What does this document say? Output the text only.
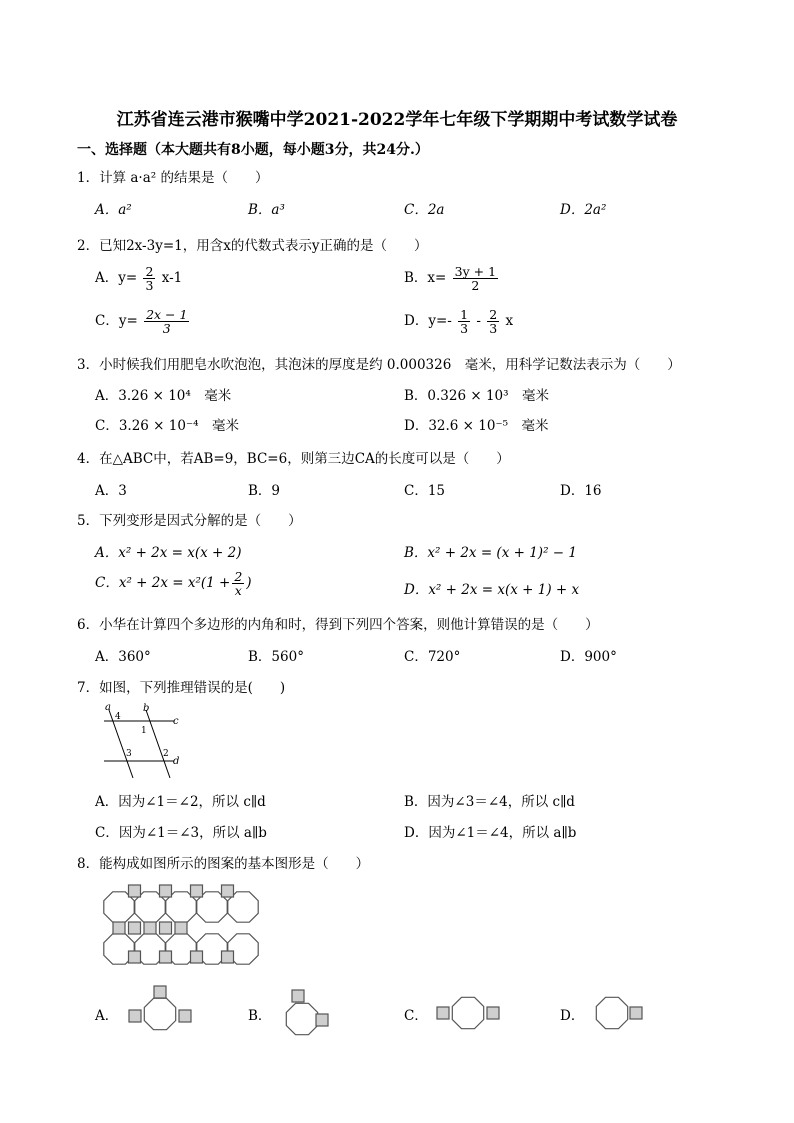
江苏省连云港市猴嘴中学2021-2022学年七年级下学期期中考试数学试卷
一、选择题（本大题共有8小题，每小题3分，共24分.）
1．计算 a·a² 的结果是（　　）
A．a²	B．a³	C．2a	D．2a²
2．已知2x-3y=1，用含x的代数式表示y正确的是（　　）
A．$y= \frac{2}{3} x-1$	B．$x= \frac{3y + 1}{2}$
C．$y= \frac{2x - 1}{3}$	D．$y=- \frac{1}{3} - \frac{2}{3}$ x
3．小时候我们用肥皂水吹泡泡，其泡沫的厚度是约 0.000326　毫米，用科学记数法表示为（　　）
A．3.26 × 10⁴　毫米	B．0.326 × 10³　毫米
C．3.26 × 10⁻⁴　毫米	D．32.6 × 10⁻⁵　毫米
4．在△ABC中，若AB=9，BC=6，则第三边CA的长度可以是（　　）
A．3	B．9	C．15	D．16
5．下列变形是因式分解的是（　　）
A．x² + 2x = x(x + 2)	B．x² + 2x = (x + 1)² − 1
C．$x^2 + 2x = x^2(1 + \frac{2}{x}$ )	D．x² + 2x = x(x + 1) + x
6．小华在计算四个多边形的内角和时，得到下列四个答案，则他计算错误的是（　　）
A．360°	B．560°	C．720°	D．900°
7．如图，下列推理错误的是(　　)
a	b
c
d
4
1
3	2
A．因为∠1＝∠2，所以 c∥d	B．因为∠3＝∠4，所以 c∥d
C．因为∠1＝∠3，所以 a∥b	D．因为∠1＝∠4，所以 a∥b
8．能构成如图所示的图案的基本图形是（　　）
A．	B．	C．	D．
